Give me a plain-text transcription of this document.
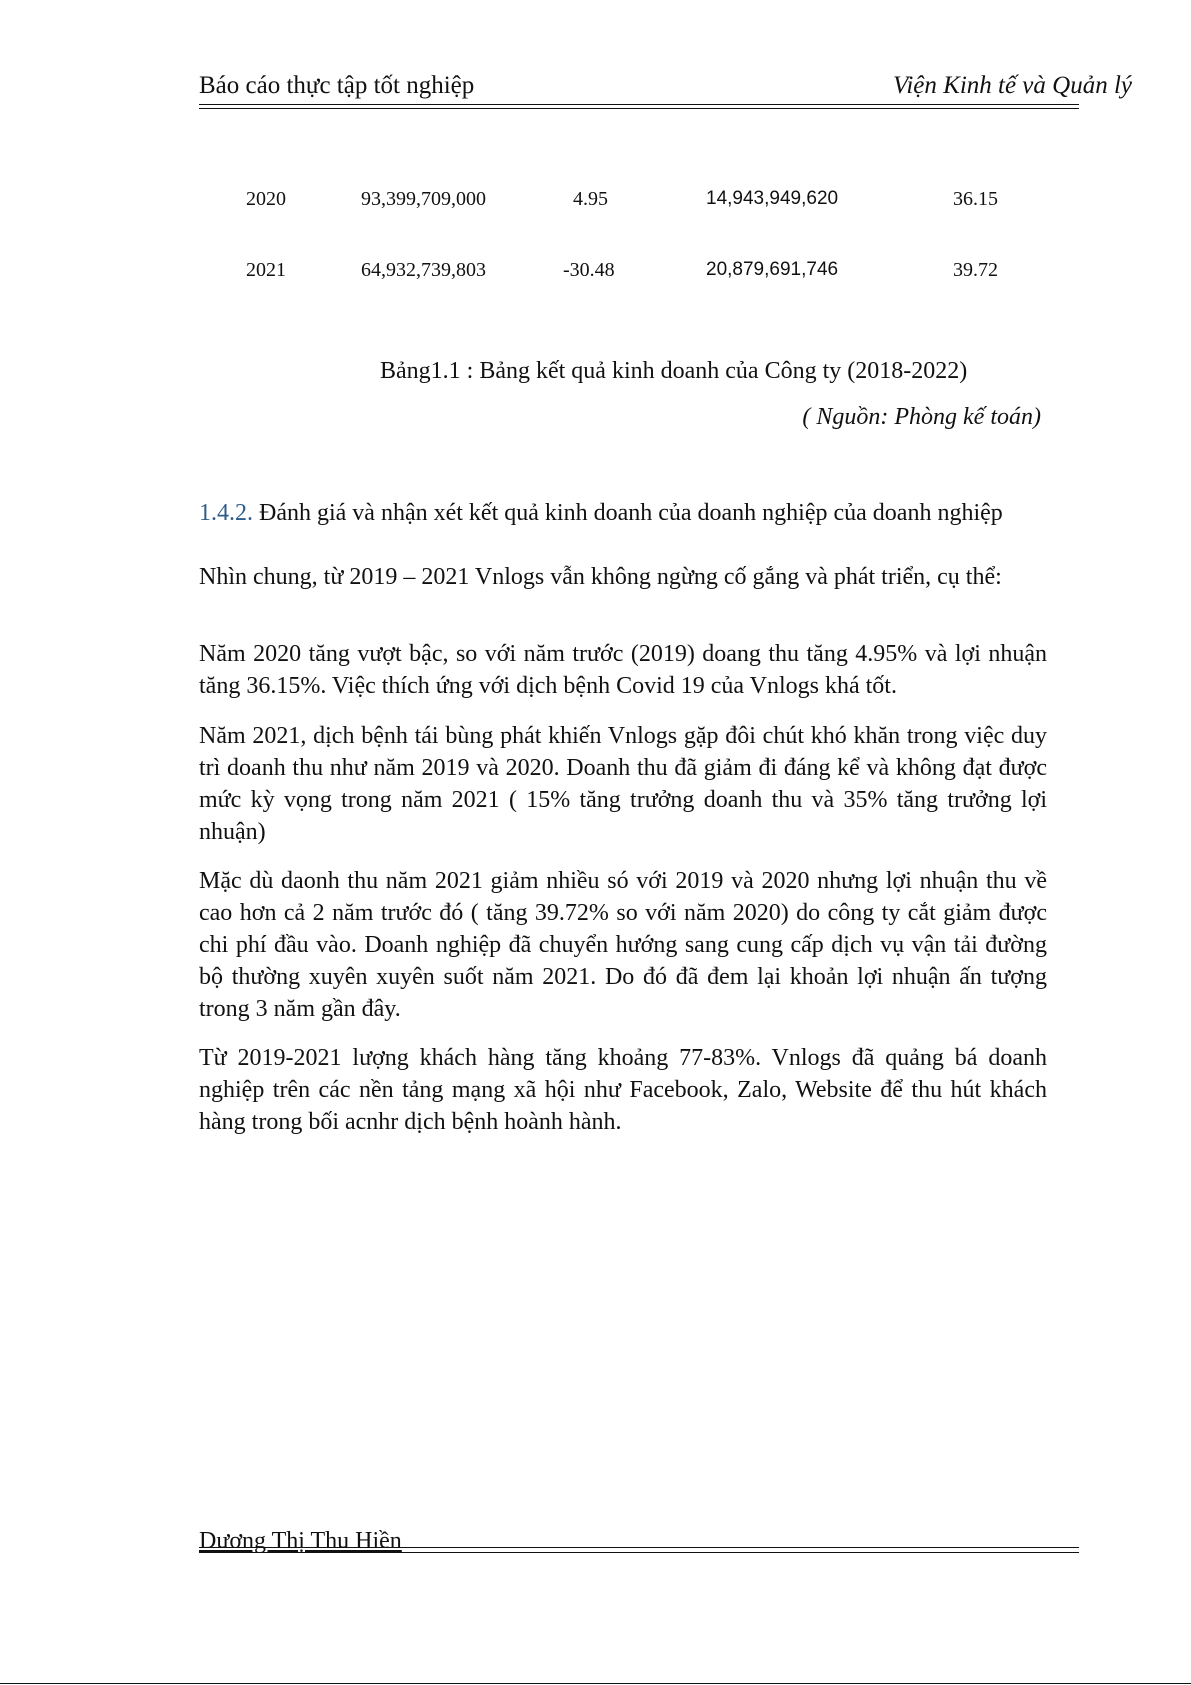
Báo cáo thực tập tốt nghiệp	Viện Kinh tế và Quản lý
2020	93,399,709,000	4.95	14,943,949,620	36.15
2021	64,932,739,803	-30.48	20,879,691,746	39.72
Bảng1.1 : Bảng kết quả kinh doanh của Công ty (2018-2022)
( Nguồn: Phòng kế toán)
1.4.2. Đánh giá và nhận xét kết quả kinh doanh của doanh nghiệp của doanh nghiệp
Nhìn chung, từ 2019 – 2021 Vnlogs vẫn không ngừng cố gắng và phát triển, cụ thể:
Năm 2020 tăng vượt bậc, so với năm trước (2019) doang thu tăng 4.95% và lợi nhuận tăng 36.15%. Việc thích ứng với dịch bệnh Covid 19 của Vnlogs khá tốt.
Năm 2021, dịch bệnh tái bùng phát khiến Vnlogs gặp đôi chút khó khăn trong việc duy trì doanh thu như năm 2019 và 2020. Doanh thu đã giảm đi đáng kể và không đạt được mức kỳ vọng trong năm 2021 ( 15% tăng trưởng doanh thu và 35% tăng trưởng lợi nhuận)
Mặc dù daonh thu năm 2021 giảm nhiều só với 2019 và 2020 nhưng lợi nhuận thu về cao hơn cả 2 năm trước đó ( tăng 39.72% so với năm 2020) do công ty cắt giảm được chi phí đầu vào. Doanh nghiệp đã chuyển hướng sang cung cấp dịch vụ vận tải đường bộ thường xuyên xuyên suốt năm 2021. Do đó đã đem lại khoản lợi nhuận ấn tượng trong 3 năm gần đây.
Từ 2019-2021 lượng khách hàng tăng khoảng 77-83%. Vnlogs đã quảng bá doanh nghiệp trên các nền tảng mạng xã hội như Facebook, Zalo, Website để thu hút khách hàng trong bối acnhr dịch bệnh hoành hành.
Dương Thị Thu Hiền
